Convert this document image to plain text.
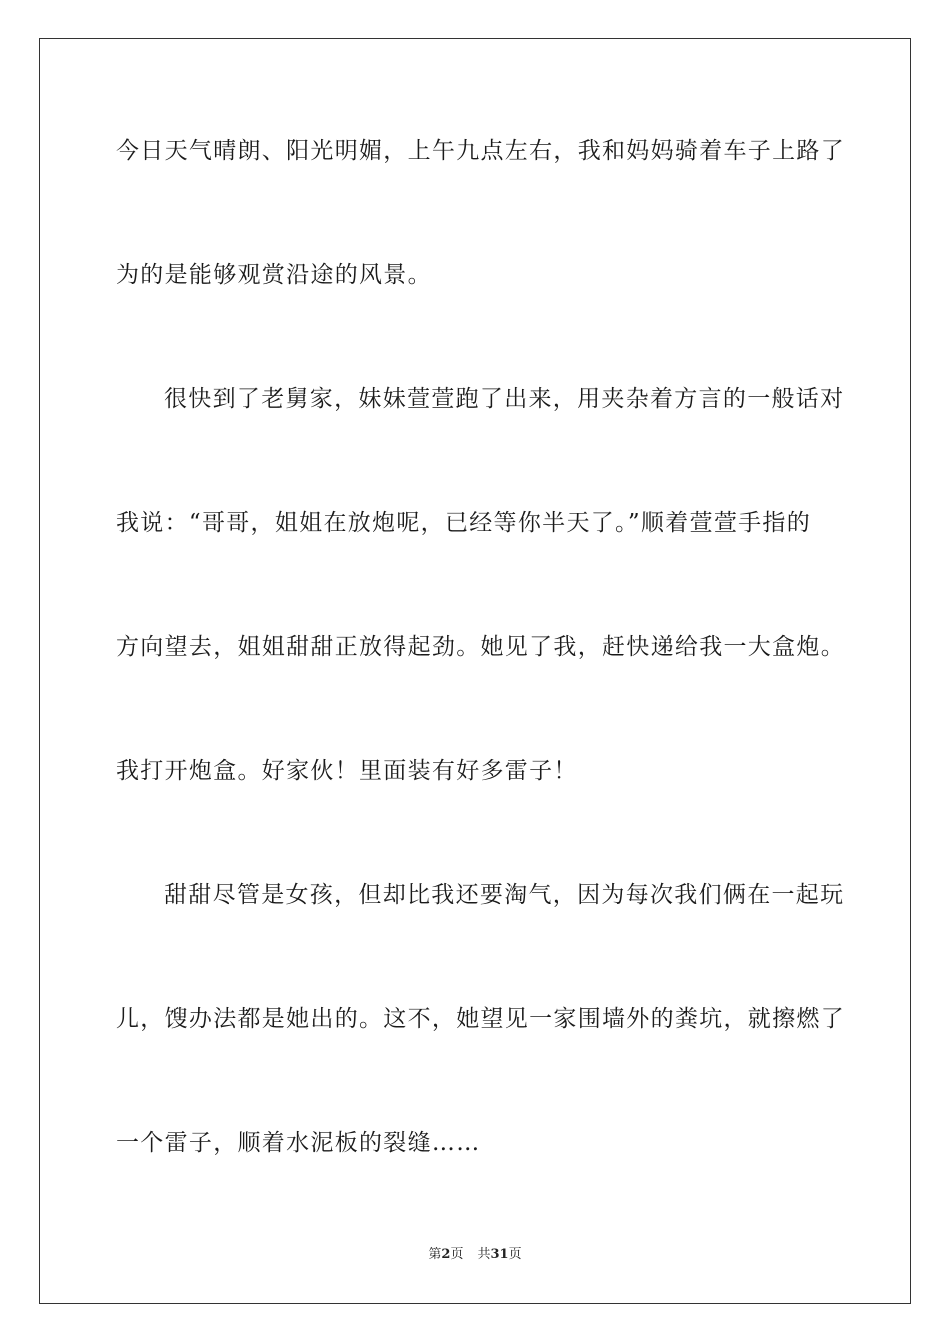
今日天气晴朗、阳光明媚，上午九点左右，我和妈妈骑着车子上路了
为的是能够观赏沿途的风景。
很快到了老舅家，妹妹萱萱跑了出来，用夹杂着方言的一般话对
我说：“哥哥，姐姐在放炮呢，已经等你半天了。”顺着萱萱手指的
方向望去，姐姐甜甜正放得起劲。她见了我，赶快递给我一大盒炮。
我打开炮盒。好家伙！里面装有好多雷子！
甜甜尽管是女孩，但却比我还要淘气，因为每次我们俩在一起玩
儿，馊办法都是她出的。这不，她望见一家围墙外的粪坑，就擦燃了
一个雷子，顺着水泥板的裂缝……
第2页 共31页
